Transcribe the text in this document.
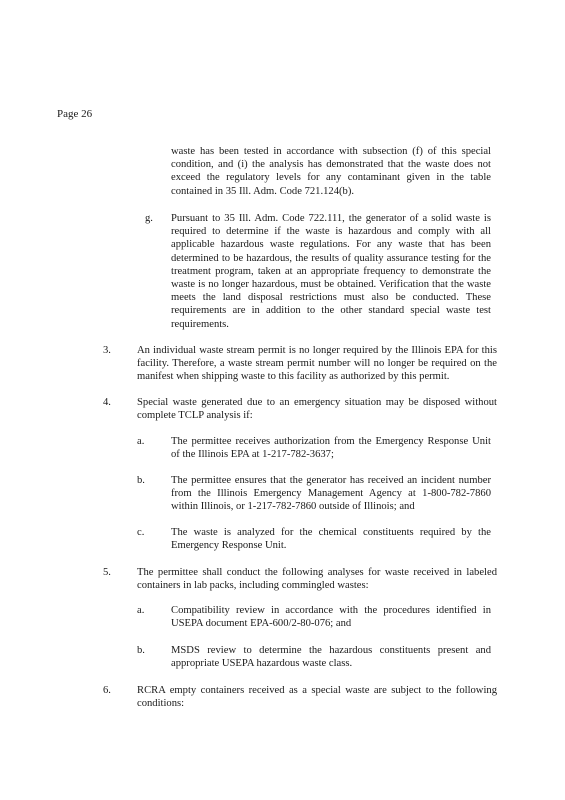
Page 26

waste has been tested in accordance with subsection (f) of this special condition, and (i) the analysis has demonstrated that the waste does not exceed the regulatory levels for any contaminant given in the table contained in 35 Ill. Adm. Code 721.124(b).

g. Pursuant to 35 Ill. Adm. Code 722.111, the generator of a solid waste is required to determine if the waste is hazardous and comply with all applicable hazardous waste regulations. For any waste that has been determined to be hazardous, the results of quality assurance testing for the treatment program, taken at an appropriate frequency to demonstrate the waste is no longer hazardous, must be obtained. Verification that the waste meets the land disposal restrictions must also be conducted. These requirements are in addition to the other standard special waste test requirements.

3. An individual waste stream permit is no longer required by the Illinois EPA for this facility. Therefore, a waste stream permit number will no longer be required on the manifest when shipping waste to this facility as authorized by this permit.

4. Special waste generated due to an emergency situation may be disposed without complete TCLP analysis if:

a.	The permittee receives authorization from the Emergency Response Unit of the Illinois EPA at 1-217-782-3637;

b. The permittee ensures that the generator has received an incident number from the Illinois Emergency Management Agency at 1-800-782-7860 within Illinois, or 1-217-782-7860 outside of Illinois; and

c.	The waste is analyzed for the chemical constituents required by the Emergency Response Unit.

5. The permittee shall conduct the following analyses for waste received in labeled containers in lab packs, including commingled wastes:

a.	Compatibility review in accordance with the procedures identified in USEPA document EPA-600/2-80-076; and

b. MSDS review to determine the hazardous constituents present and appropriate USEPA hazardous waste class.

6. RCRA empty containers received as a special waste are subject to the following conditions:
